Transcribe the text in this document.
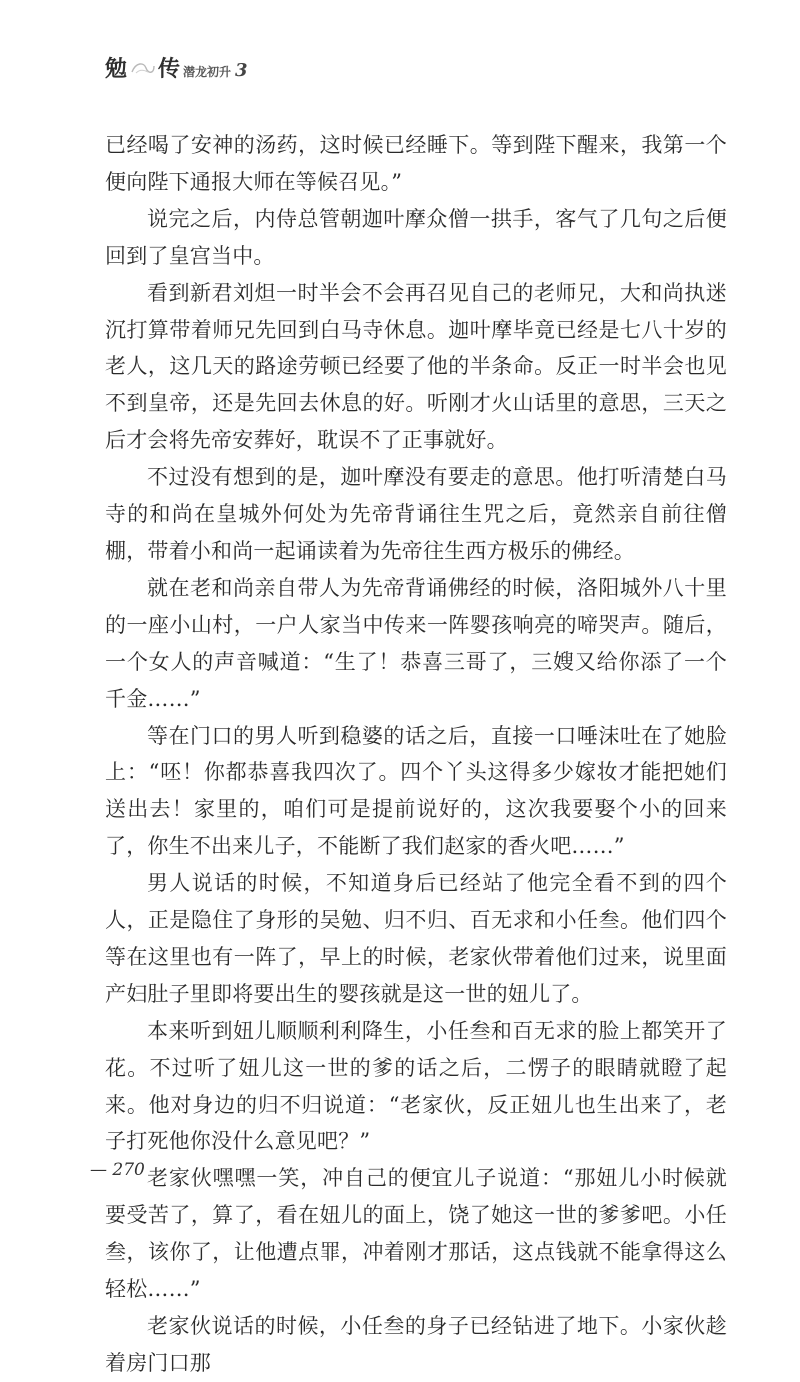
勉 传 潜龙初升 3

已经喝了安神的汤药，这时候已经睡下。等到陛下醒来，我第一个便向陛下通报大师在等候召见。”

说完之后，内侍总管朝迦叶摩众僧一拱手，客气了几句之后便回到了皇宫当中。

看到新君刘炟一时半会不会再召见自己的老师兄，大和尚执迷沉打算带着师兄先回到白马寺休息。迦叶摩毕竟已经是七八十岁的老人，这几天的路途劳顿已经要了他的半条命。反正一时半会也见不到皇帝，还是先回去休息的好。听刚才火山话里的意思，三天之后才会将先帝安葬好，耽误不了正事就好。

不过没有想到的是，迦叶摩没有要走的意思。他打听清楚白马寺的和尚在皇城外何处为先帝背诵往生咒之后，竟然亲自前往僧棚，带着小和尚一起诵读着为先帝往生西方极乐的佛经。

就在老和尚亲自带人为先帝背诵佛经的时候，洛阳城外八十里的一座小山村，一户人家当中传来一阵婴孩响亮的啼哭声。随后，一个女人的声音喊道：“生了！恭喜三哥了，三嫂又给你添了一个千金……”

等在门口的男人听到稳婆的话之后，直接一口唾沫吐在了她脸上：“呸！你都恭喜我四次了。四个丫头这得多少嫁妆才能把她们送出去！家里的，咱们可是提前说好的，这次我要娶个小的回来了，你生不出来儿子，不能断了我们赵家的香火吧……”

男人说话的时候，不知道身后已经站了他完全看不到的四个人，正是隐住了身形的吴勉、归不归、百无求和小任叁。他们四个等在这里也有一阵了，早上的时候，老家伙带着他们过来，说里面产妇肚子里即将要出生的婴孩就是这一世的妞儿了。

本来听到妞儿顺顺利利降生，小任叁和百无求的脸上都笑开了花。不过听了妞儿这一世的爹的话之后，二愣子的眼睛就瞪了起来。他对身边的归不归说道：“老家伙，反正妞儿也生出来了，老子打死他你没什么意见吧？”

老家伙嘿嘿一笑，冲自己的便宜儿子说道：“那妞儿小时候就要受苦了，算了，看在妞儿的面上，饶了她这一世的爹爹吧。小任叁，该你了，让他遭点罪，冲着刚才那话，这点钱就不能拿得这么轻松……”

老家伙说话的时候，小任叁的身子已经钻进了地下。小家伙趁着房门口那

— 270
